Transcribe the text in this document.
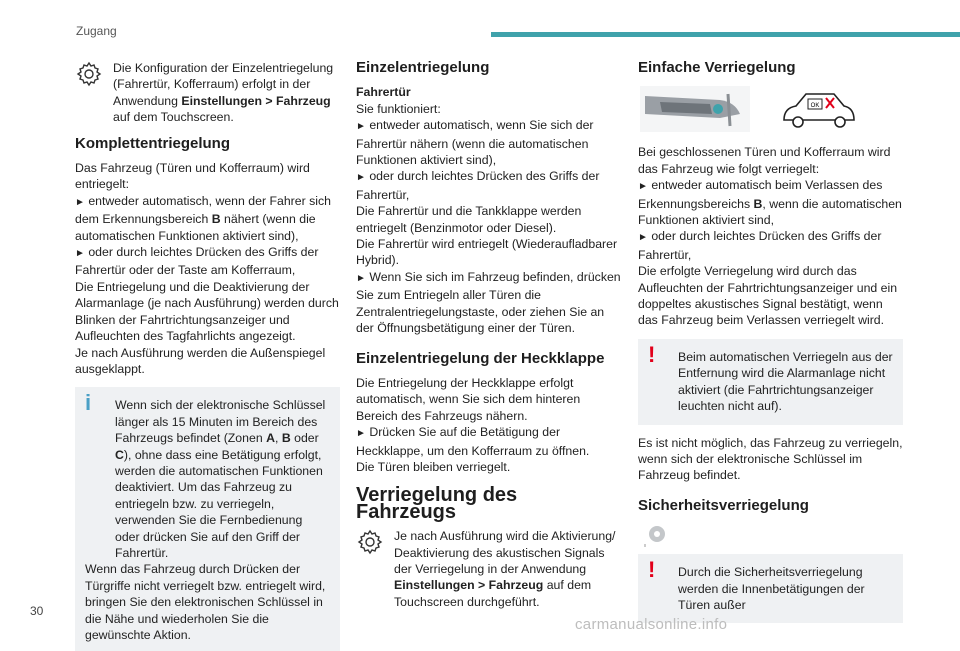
Zugang

Die Konfiguration der Einzelentriegelung (Fahrertür, Kofferraum) erfolgt in der Anwendung Einstellungen > Fahrzeug auf dem Touchscreen.

Komplettentriegelung

Das Fahrzeug (Türen und Kofferraum) wird entriegelt:

► entweder automatisch, wenn der Fahrer sich dem Erkennungsbereich B nähert (wenn die automatischen Funktionen aktiviert sind),

► oder durch leichtes Drücken des Griffs der Fahrertür oder der Taste am Kofferraum,

Die Entriegelung und die Deaktivierung der Alarmanlage (je nach Ausführung) werden durch Blinken der Fahrtrichtungsanzeiger und Aufleuchten des Tagfahrlichts angezeigt.

Je nach Ausführung werden die Außenspiegel ausgeklappt.

i	Wenn sich der elektronische Schlüssel länger als 15 Minuten im Bereich des Fahrzeugs befindet (Zonen A, B oder C), ohne dass eine Betätigung erfolgt, werden die automatischen Funktionen deaktiviert. Um das Fahrzeug zu entriegeln bzw. zu verriegeln, verwenden Sie die Fernbedienung oder drücken Sie auf den Griff der Fahrertür.

Wenn das Fahrzeug durch Drücken der Türgriffe nicht verriegelt bzw. entriegelt wird, bringen Sie den elektronischen Schlüssel in die Nähe und wiederholen Sie die gewünschte Aktion.

Einzelentriegelung

Fahrertür

Sie funktioniert:

► entweder automatisch, wenn Sie sich der Fahrertür nähern (wenn die automatischen Funktionen aktiviert sind),

► oder durch leichtes Drücken des Griffs der Fahrertür,

Die Fahrertür und die Tankklappe werden entriegelt (Benzinmotor oder Diesel).

Die Fahrertür wird entriegelt (Wiederaufladbarer Hybrid).

► Wenn Sie sich im Fahrzeug befinden, drücken Sie zum Entriegeln aller Türen die Zentralentriegelungstaste, oder ziehen Sie an der Öffnungsbetätigung einer der Türen.

Einzelentriegelung der Heckklappe

Die Entriegelung der Heckklappe erfolgt automatisch, wenn Sie sich dem hinteren Bereich des Fahrzeugs nähern.

► Drücken Sie auf die Betätigung der Heckklappe, um den Kofferraum zu öffnen.

Die Türen bleiben verriegelt.

Verriegelung des Fahrzeugs

Je nach Ausführung wird die Aktivierung/ Deaktivierung des akustischen Signals der Verriegelung in der Anwendung Einstellungen > Fahrzeug auf dem Touchscreen durchgeführt.

Einfache Verriegelung
OK

Bei geschlossenen Türen und Kofferraum wird das Fahrzeug wie folgt verriegelt:

► entweder automatisch beim Verlassen des Erkennungsbereichs B, wenn die automatischen Funktionen aktiviert sind,

► oder durch leichtes Drücken des Griffs der Fahrertür,

Die erfolgte Verriegelung wird durch das Aufleuchten der Fahrtrichtungsanzeiger und ein doppeltes akustisches Signal bestätigt, wenn das Fahrzeug beim Verlassen verriegelt wird.

!	Beim automatischen Verriegeln aus der Entfernung wird die Alarmanlage nicht aktiviert (die Fahrtrichtungsanzeiger leuchten nicht auf).

Es ist nicht möglich, das Fahrzeug zu verriegeln, wenn sich der elektronische Schlüssel im Fahrzeug befindet.

Sicherheitsverriegelung
!	Durch die Sicherheitsverriegelung werden die Innenbetätigungen der Türen außer

30
carmanualsonline.info
